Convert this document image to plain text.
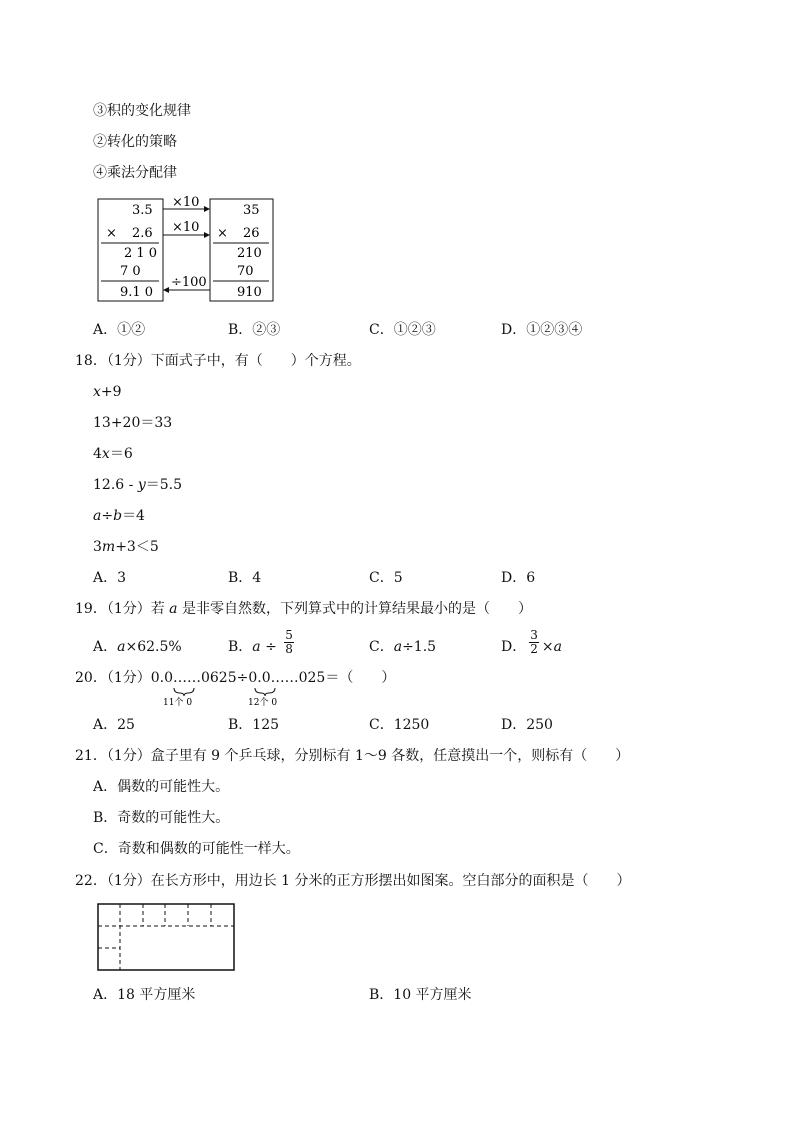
③积的变化规律
②转化的策略
④乘法分配律
3.5
× 2.6
2 1 0
7 0
9.1 0
35
× 26
210
70
910
×10
×10
÷100
A．①②	B．②③	C．①②③	D．①②③④
18．（1分）下面式子中，有（　　）个方程。
x+9
13+20＝33
4x＝6
12.6 - y＝5.5
a÷b＝4
3m+3＜5
A．3	B．4	C．5	D．6
19．（1分）若 a 是非零自然数，下列算式中的计算结果最小的是（　　）
A．a×62.5%	B．$a \div \frac{5}{8}$	C．a÷1.5	D． $\frac{3}{2} \times a$
20．（1分）0.0……0625÷0.0……025＝（　　）
11个 0	12个 0
A．25	B．125	C．1250	D．250
21．（1分）盒子里有 9 个乒乓球，分别标有 1～9 各数，任意摸出一个，则标有（　　）
A．偶数的可能性大。
B．奇数的可能性大。
C．奇数和偶数的可能性一样大。
22．（1分）在长方形中，用边长 1 分米的正方形摆出如图案。空白部分的面积是（　　）
A．18 平方厘米	B．10 平方厘米
